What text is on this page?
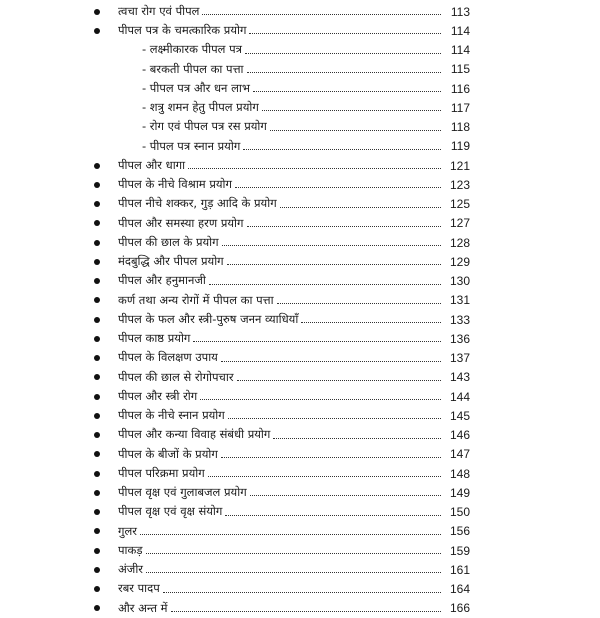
त्वचा रोग एवं पीपल	113
पीपल पत्र के चमत्कारिक प्रयोग	114
- लक्ष्मीकारक पीपल पत्र	114
- बरकती पीपल का पत्ता	115
- पीपल पत्र और धन लाभ	116
- शत्रु शमन हेतु पीपल प्रयोग	117
- रोग एवं पीपल पत्र रस प्रयोग	118
- पीपल पत्र स्नान प्रयोग	119
पीपल और धागा	121
पीपल के नीचे विश्राम प्रयोग	123
पीपल नीचे शक्कर, गुड़ आदि के प्रयोग	125
पीपल और समस्या हरण प्रयोग	127
पीपल की छाल के प्रयोग	128
मंदबुद्धि और पीपल प्रयोग	129
पीपल और हनुमानजी	130
कर्ण तथा अन्य रोगों में पीपल का पत्ता	131
पीपल के फल और स्त्री-पुरुष जनन व्याधियाँ	133
पीपल काष्ठ प्रयोग	136
पीपल के विलक्षण उपाय	137
पीपल की छाल से रोगोपचार	143
पीपल और स्त्री रोग	144
पीपल के नीचे स्नान प्रयोग	145
पीपल और कन्या विवाह संबंधी प्रयोग	146
पीपल के बीजों के प्रयोग	147
पीपल परिक्रमा प्रयोग	148
पीपल वृक्ष एवं गुलाबजल प्रयोग	149
पीपल वृक्ष एवं वृक्ष संयोग	150
गुलर	156
पाकड़	159
अंजीर	161
रबर पादप	164
और अन्त में	166
